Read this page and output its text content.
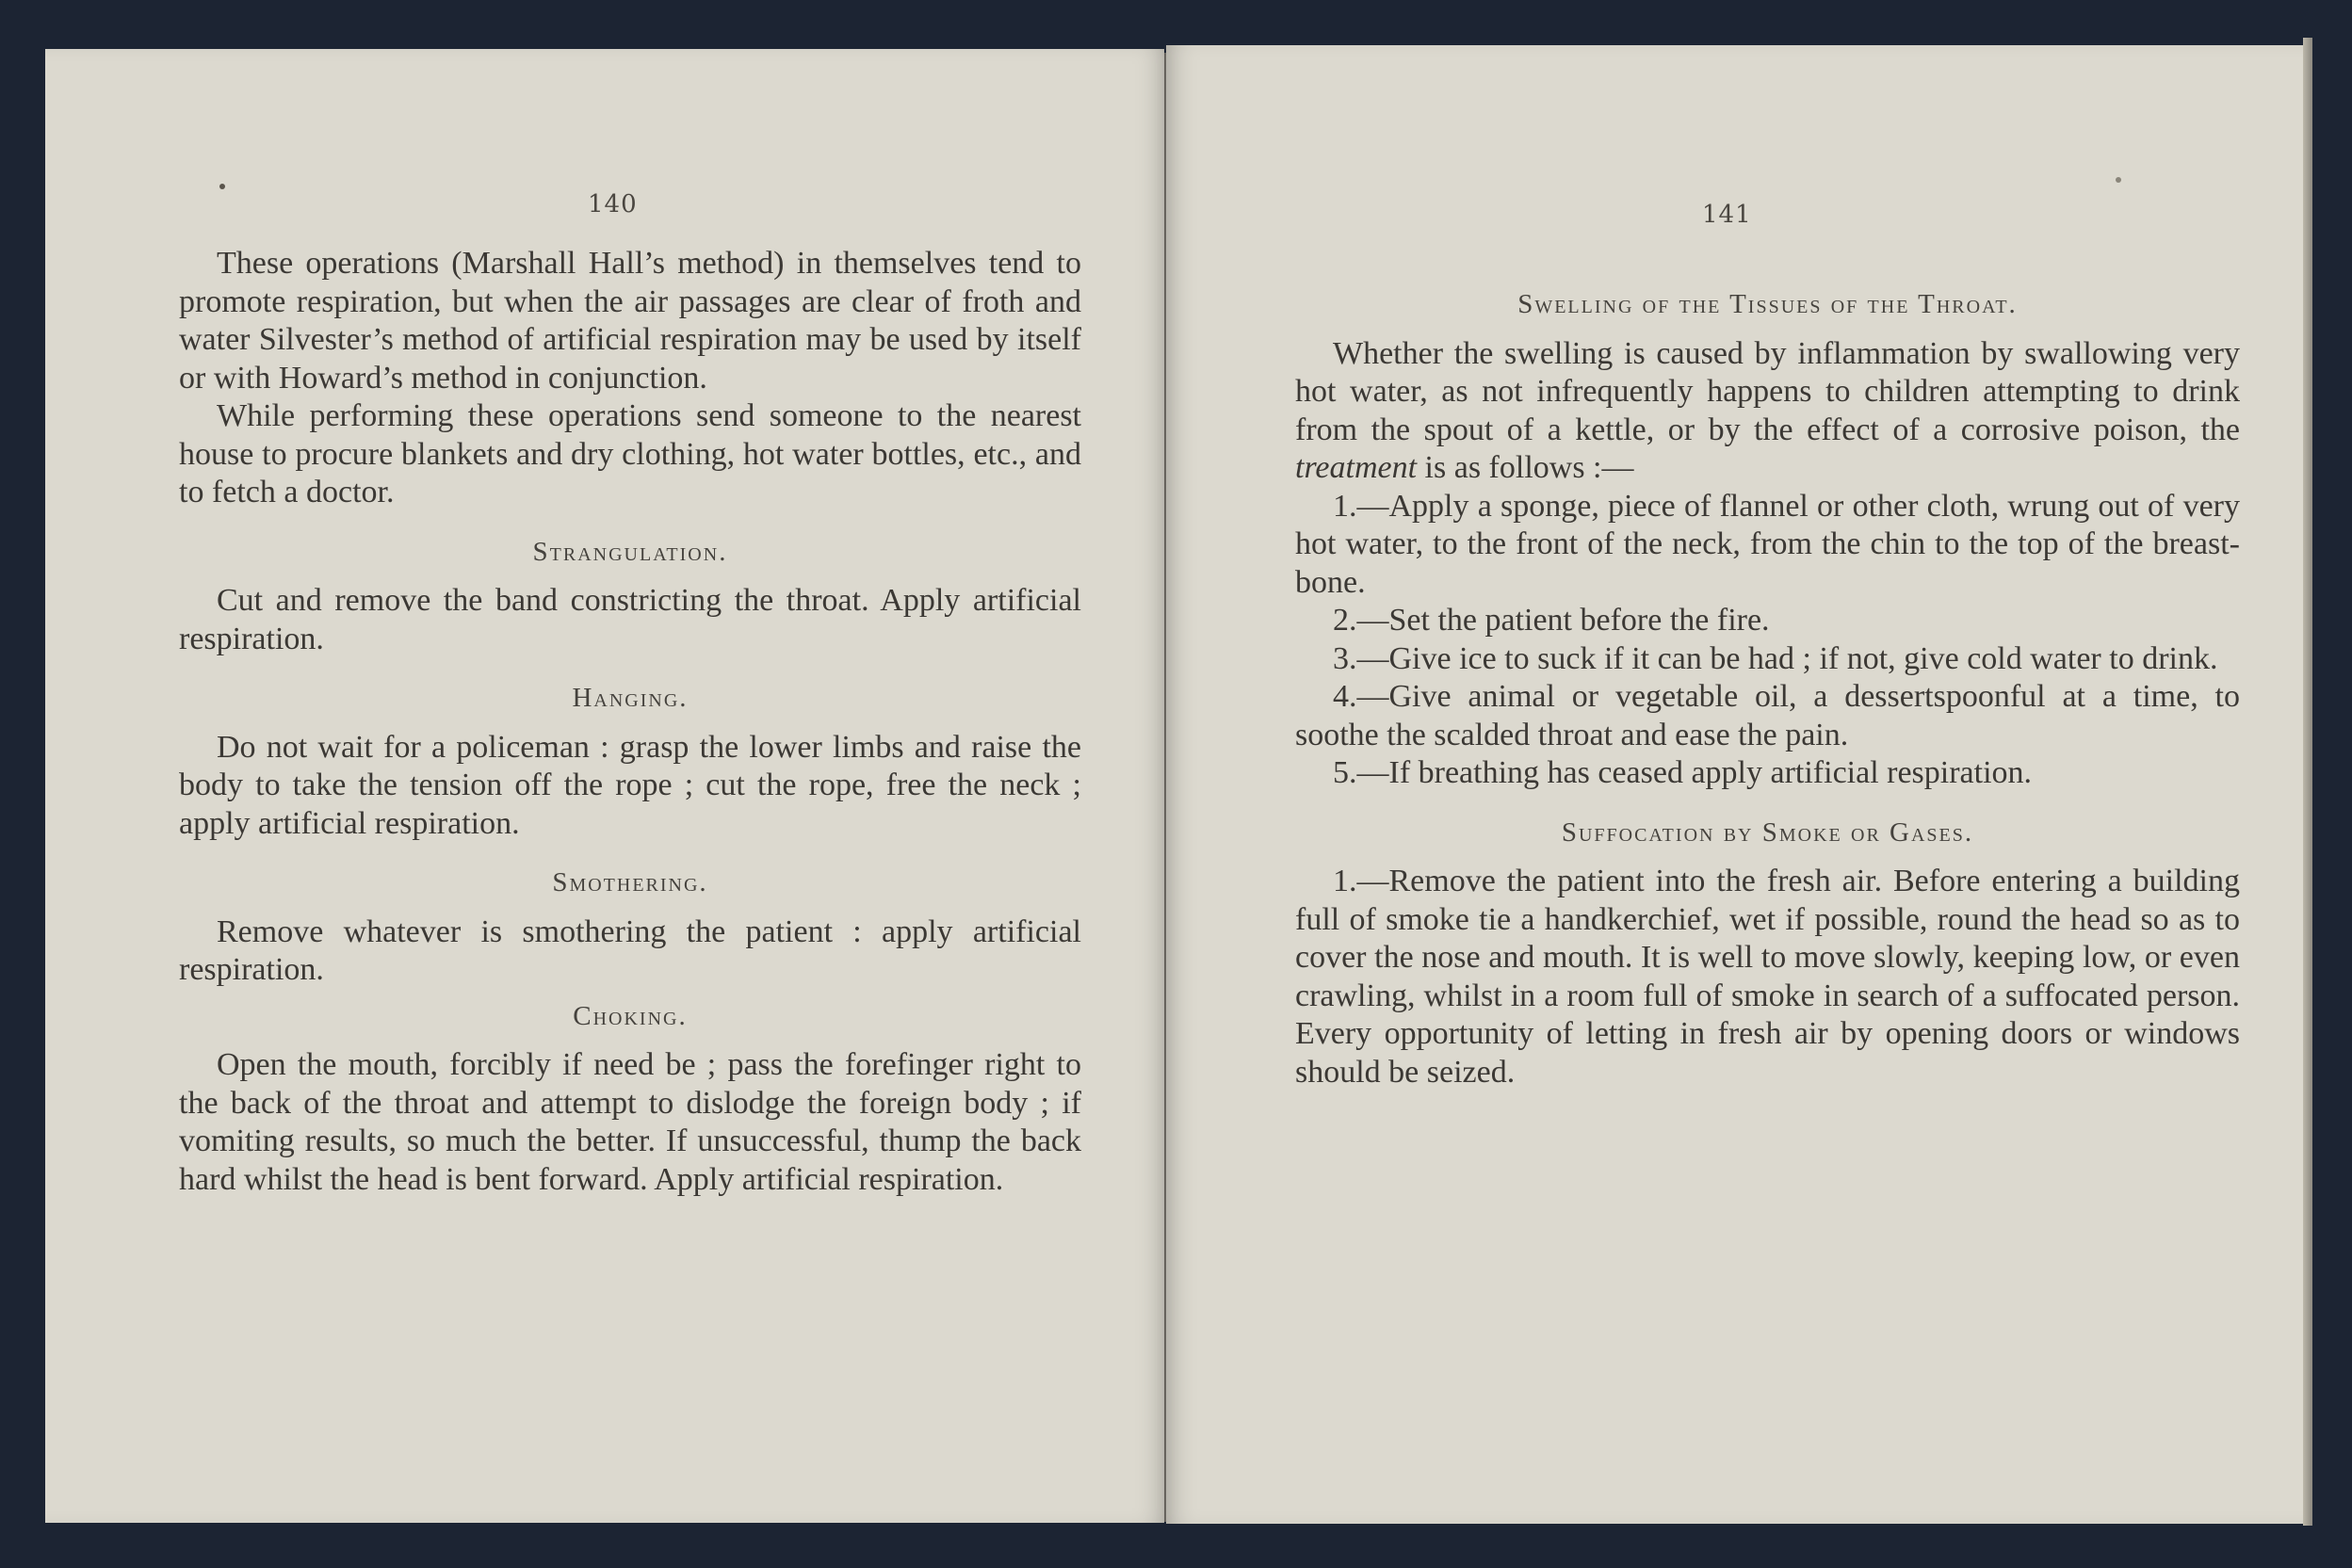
140

These operations (Marshall Hall’s method) in themselves tend to promote respiration, but when the air passages are clear of froth and water Silvester’s method of artificial respiration may be used by itself or with Howard’s method in conjunction.

While performing these operations send someone to the nearest house to procure blankets and dry clothing, hot water bottles, etc., and to fetch a doctor.

Strangulation.

Cut and remove the band constricting the throat. Apply artificial respiration.

Hanging.

Do not wait for a policeman : grasp the lower limbs and raise the body to take the tension off the rope ; cut the rope, free the neck ; apply artificial respiration.

Smothering.

Remove whatever is smothering the patient : apply artificial respiration.

Choking.

Open the mouth, forcibly if need be ; pass the forefinger right to the back of the throat and attempt to dislodge the foreign body ; if vomiting results, so much the better. If unsuccessful, thump the back hard whilst the head is bent forward. Apply artificial respiration.

141
Swelling of the Tissues of the Throat.

Whether the swelling is caused by inflammation by swallowing very hot water, as not infrequently happens to children attempting to drink from the spout of a kettle, or by the effect of a corrosive poison, the treatment is as follows :—

1.—Apply a sponge, piece of flannel or other cloth, wrung out of very hot water, to the front of the neck, from the chin to the top of the breast-bone.

2.—Set the patient before the fire.

3.—Give ice to suck if it can be had ; if not, give cold water to drink.

4.—Give animal or vegetable oil, a dessertspoonful at a time, to soothe the scalded throat and ease the pain.

5.—If breathing has ceased apply artificial respiration.

Suffocation by Smoke or Gases.

1.—Remove the patient into the fresh air. Before entering a building full of smoke tie a handkerchief, wet if possible, round the head so as to cover the nose and mouth. It is well to move slowly, keeping low, or even crawling, whilst in a room full of smoke in search of a suffocated person. Every opportunity of letting in fresh air by opening doors or windows should be seized.
